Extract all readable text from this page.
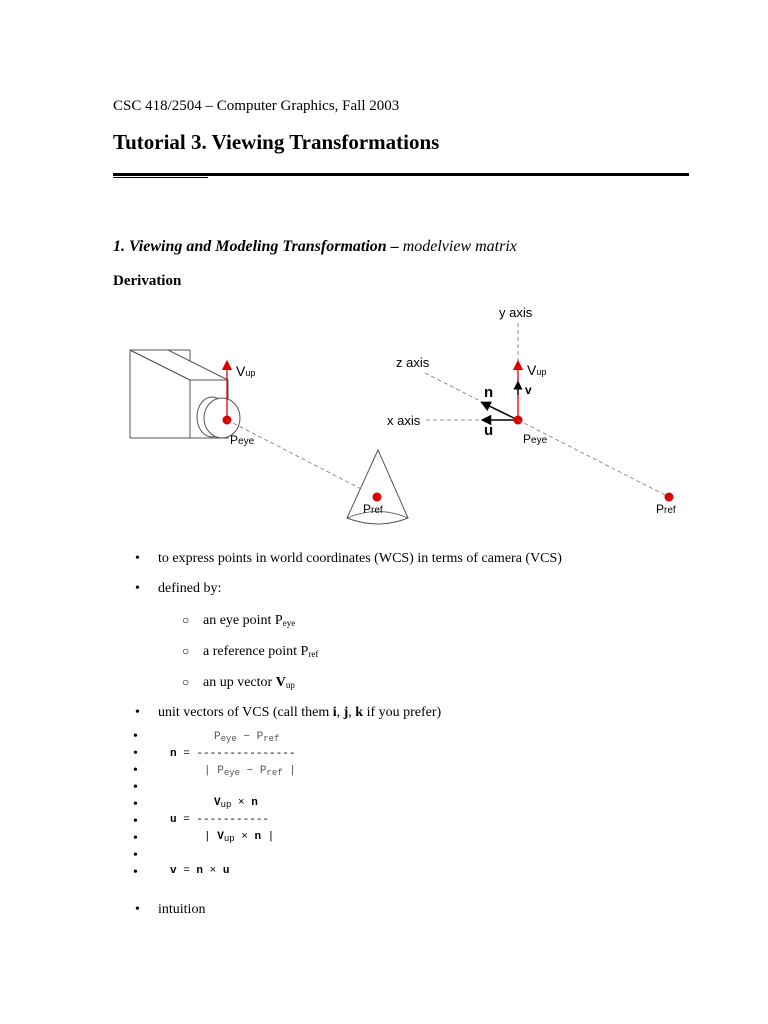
CSC 418/2504 – Computer Graphics, Fall 2003
Tutorial 3. Viewing Transformations
1. Viewing and Modeling Transformation – modelview matrix
Derivation
Vup
Peye
Pref
y axis
z axis
x axis
Vup
v
n
u Peye
Pref
• to express points in world coordinates (WCS) in terms of camera (VCS)
• defined by:
○ an eye point $P_{eye}$
○ a reference point $P_{ref}$
○ an up vector $V_{up}$
• unit vectors of VCS (call them i, j, k if you prefer)
•
•
•
•
•
•
•
•
•
$P_{eye} - P_{ref}$
n = ---------------
| $P_{eye} - P_{ref}$ |
$V_{up} \times n$
u = -----------
| $V_{up} \times n$ |
v = n × u
• intuition
